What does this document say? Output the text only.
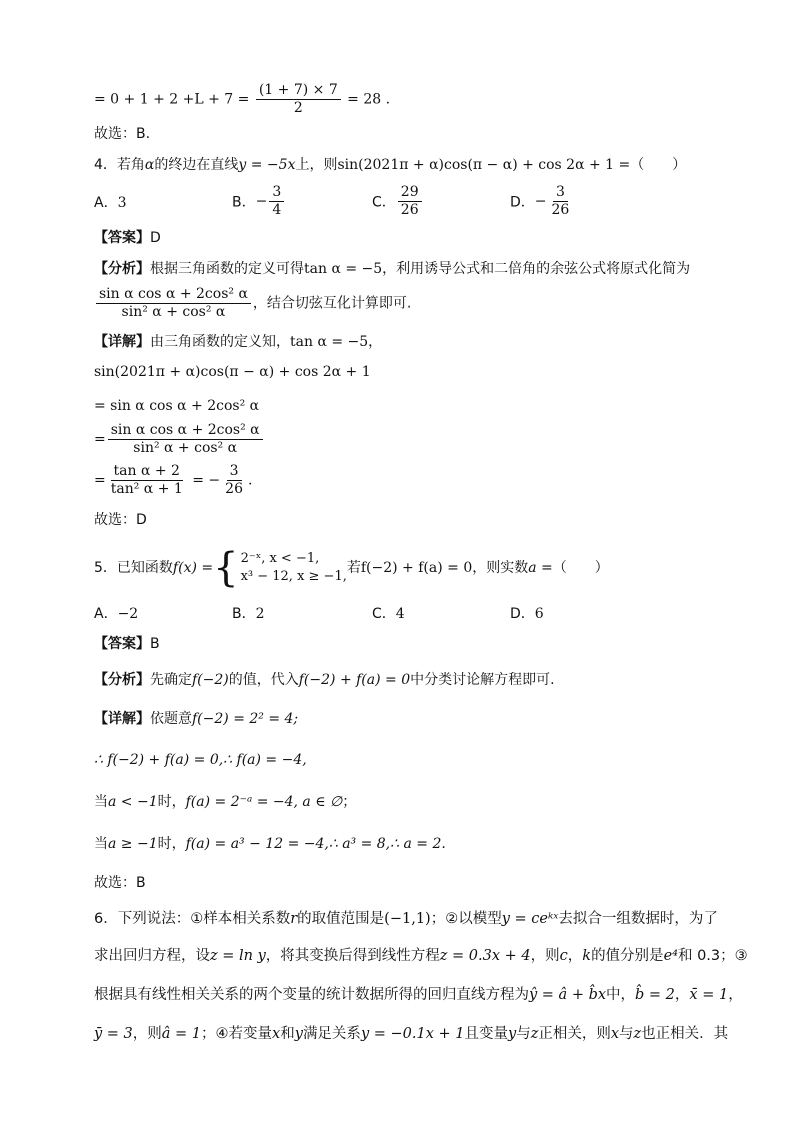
= $0 + 1 + 2 +L + 7 = \frac{(1 + 7) \times 7}{2} = 28$ .
故选：B.
4．若角α的终边在直线y = −5x上，则sin(2021π + α)cos(π − α) + cos 2α + 1 =（　　）
A．3	B．− $\frac{3}{4}$	C． $\frac{29}{26}$	D．− $\frac{3}{26}$
【答案】D
【分析】根据三角函数的定义可得tan α = −5，利用诱导公式和二倍角的余弦公式将原式化简为
$\frac{\text{sin α cos α + 2cos² α}}{\text{sin² α + cos² α}}$ ，结合切弦互化计算即可.
【详解】由三角函数的定义知，tan α = −5，
sin(2021π + α)cos(π − α) + cos 2α + 1
= sin α cos α + 2cos² α
= $\frac{\text{sin α cos α + 2cos² α}}{\text{sin² α + cos² α}}$
= $\frac{\text{tan α + 2}}{\text{tan² α + 1}}$ = − $\frac{3}{26}$ .
故选：D
5．已知函数f(x) = { 2⁻ˣ, x < −1,
x³ − 12, x ≥ −1,
若f(−2) + f(a) = 0，则实数a =（　　）
A．−2	B．2	C．4	D．6
【答案】B
【分析】先确定f(−2)的值，代入f(−2) + f(a) = 0中分类讨论解方程即可.
【详解】依题意f(−2) = 2² = 4;
∴ f(−2) + f(a) = 0,∴ f(a) = −4,
当a < −1时，f(a) = 2⁻ᵃ = −4, a ∈ ∅；
当a ≥ −1时，f(a) = a³ − 12 = −4,∴ a³ = 8,∴ a = 2.
故选：B
6．下列说法：①样本相关系数r的取值范围是(−1,1)；②以模型y = ceᵏˣ去拟合一组数据时，为了
求出回归方程，设z = ln y，将其变换后得到线性方程z = 0.3x + 4，则c，k的值分别是e⁴和 0.3；③
根据具有线性相关关系的两个变量的统计数据所得的回归直线方程为ŷ = â + b̂x中，b̂ = 2，x̄ = 1，
ȳ = 3，则â = 1；④若变量x和y满足关系y = −0.1x + 1且变量y与z正相关，则x与z也正相关．其
